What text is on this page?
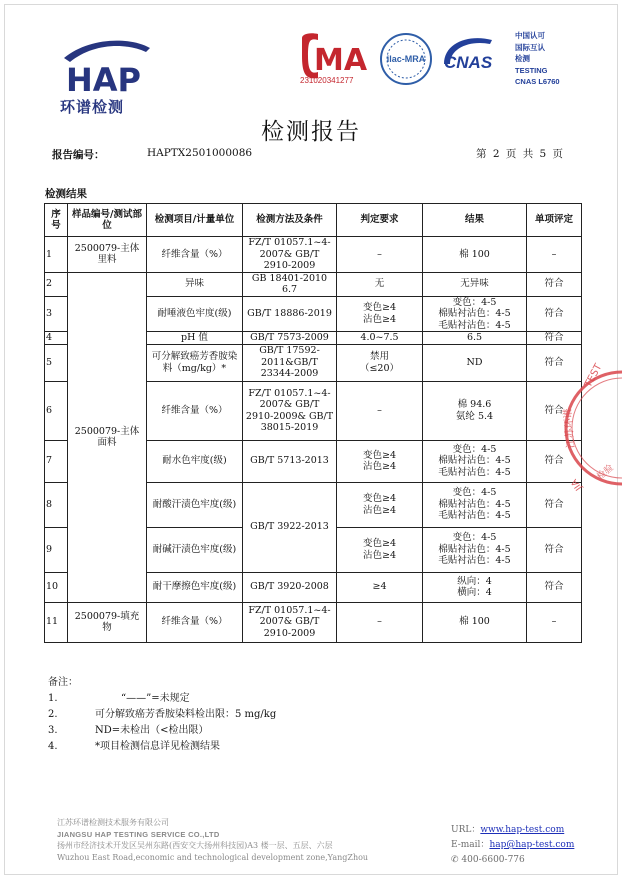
HAP
环谱检测
MA
231020341277
ilac-MRA CNAS
中国认可
国际互认
检测
TESTING
CNAS L6760
检测报告
报告编号：	HAPTX2501000086	第 2 页 共 5 页
检测结果
序号	样品编号/测试部位	检测项目/计量单位	检测方法及条件	判定要求	结果	单项评定
1	2500079-主体里料	纤维含量（%）	FZ/T 01057.1~4-2007& GB/T 2910-2009	–	棉 100	–
2	2500079-主体面料	异味	GB 18401-2010 6.7	无	无异味	符合
3		耐唾液色牢度(级)	GB/T 18886-2019	变色≥4
沾色≥4	变色：4-5
棉贴衬沾色：4-5
毛贴衬沾色：4-5	符合
4		pH 值	GB/T 7573-2009	4.0~7.5	6.5	符合
5		可分解致癌芳香胺染料（mg/kg）*	GB/T 17592-2011&GB/T 23344-2009	禁用
（≤20）	ND	符合
6		纤维含量（%）	FZ/T 01057.1~4-2007& GB/T 2910-2009& GB/T 38015-2019	–	棉 94.6
氨纶 5.4	符合
7		耐水色牢度(级)	GB/T 5713-2013	变色≥4
沾色≥4	变色：4-5
棉贴衬沾色：4-5
毛贴衬沾色：4-5	符合
8		耐酸汗渍色牢度(级)	GB/T 3922-2013	变色≥4
沾色≥4	变色：4-5
棉贴衬沾色：4-5
毛贴衬沾色：4-5	符合
9		耐碱汗渍色牢度(级)		变色≥4
沾色≥4	变色：4-5
棉贴衬沾色：4-5
毛贴衬沾色：4-5	符合
10		耐干摩擦色牢度(级)	GB/T 3920-2008	≥4	纵向：4
横向：4	符合
11	2500079-填充物	纤维含量（%）	FZ/T 01057.1~4-2007& GB/T 2910-2009	–	棉 100	–
TEST
江苏环谱
JIA
检验
备注：
1.	“——”=未规定
2.	可分解致癌芳香胺染料检出限：5 mg/kg
3.	ND=未检出（<检出限）
4.	*项目检测信息详见检测结果
江苏环谱检测技术服务有限公司
JIANGSU HAP TESTING SERVICE CO.,LTD
扬州市经济技术开发区吴州东路(西安交大扬州科技园)A3 楼一层、五层、六层
Wuzhou East Road,economic and technological development zone,YangZhou
URL：www.hap-test.com
E-mail：hap@hap-test.com
✆ 400-6600-776
